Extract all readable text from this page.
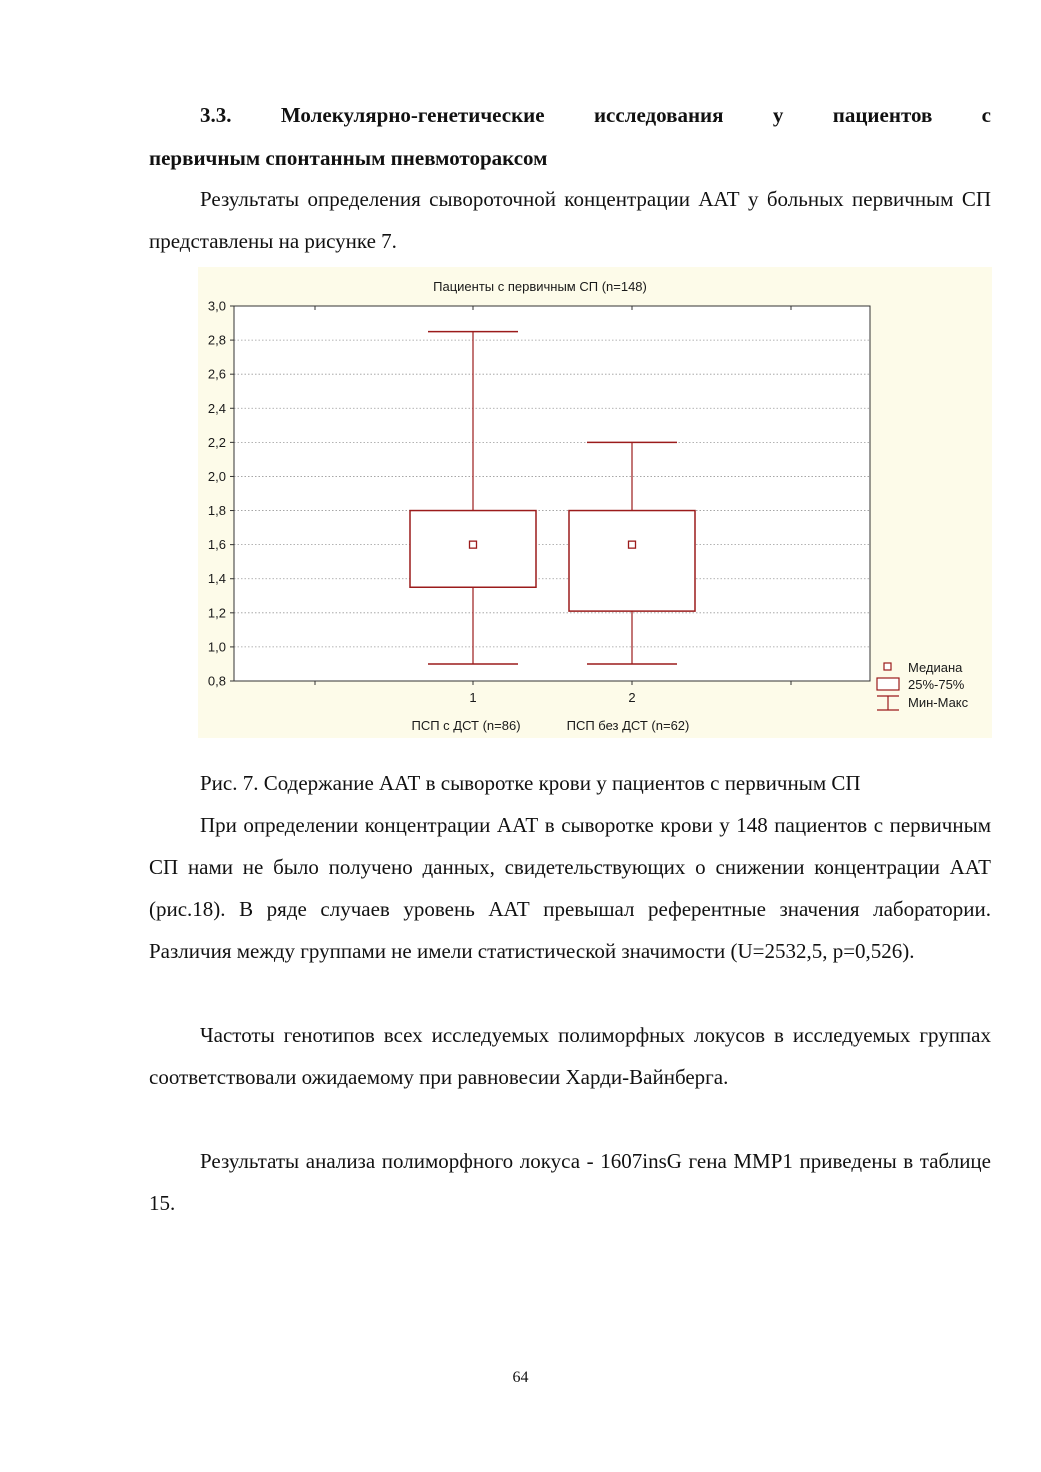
3.3. Молекулярно-генетические исследования у пациентов с
первичным спонтанным пневмотораксом

Результаты определения сывороточной концентрации ААТ у больных первичным СП представлены на рисунке 7.

0,8
1,0
1,2
1,4
1,6
1,8
2,0
2,2
2,4
2,6
2,8
3,0
1	2
ПСП с ДСТ (n=86)	ПСП без ДСТ (n=62)
Пациенты с первичным СП (n=148)
Медиана
25%-75%
Мин-Макс
Рис. 7. Содержание ААТ в сыворотке крови у пациентов с первичным СП

При определении концентрации ААТ в сыворотке крови у 148 пациентов с первичным СП нами не было получено данных, свидетельствующих о снижении концентрации ААТ (рис.18). В ряде случаев уровень ААТ превышал референтные значения лаборатории. Различия между группами не имели статистической значимости (U=2532,5, p=0,526).

Частоты генотипов всех исследуемых полиморфных локусов в исследуемых группах соответствовали ожидаемому при равновесии Харди-Вайнберга.

Результаты анализа полиморфного локуса - 1607insG гена MMP1 приведены в таблице 15.

64
